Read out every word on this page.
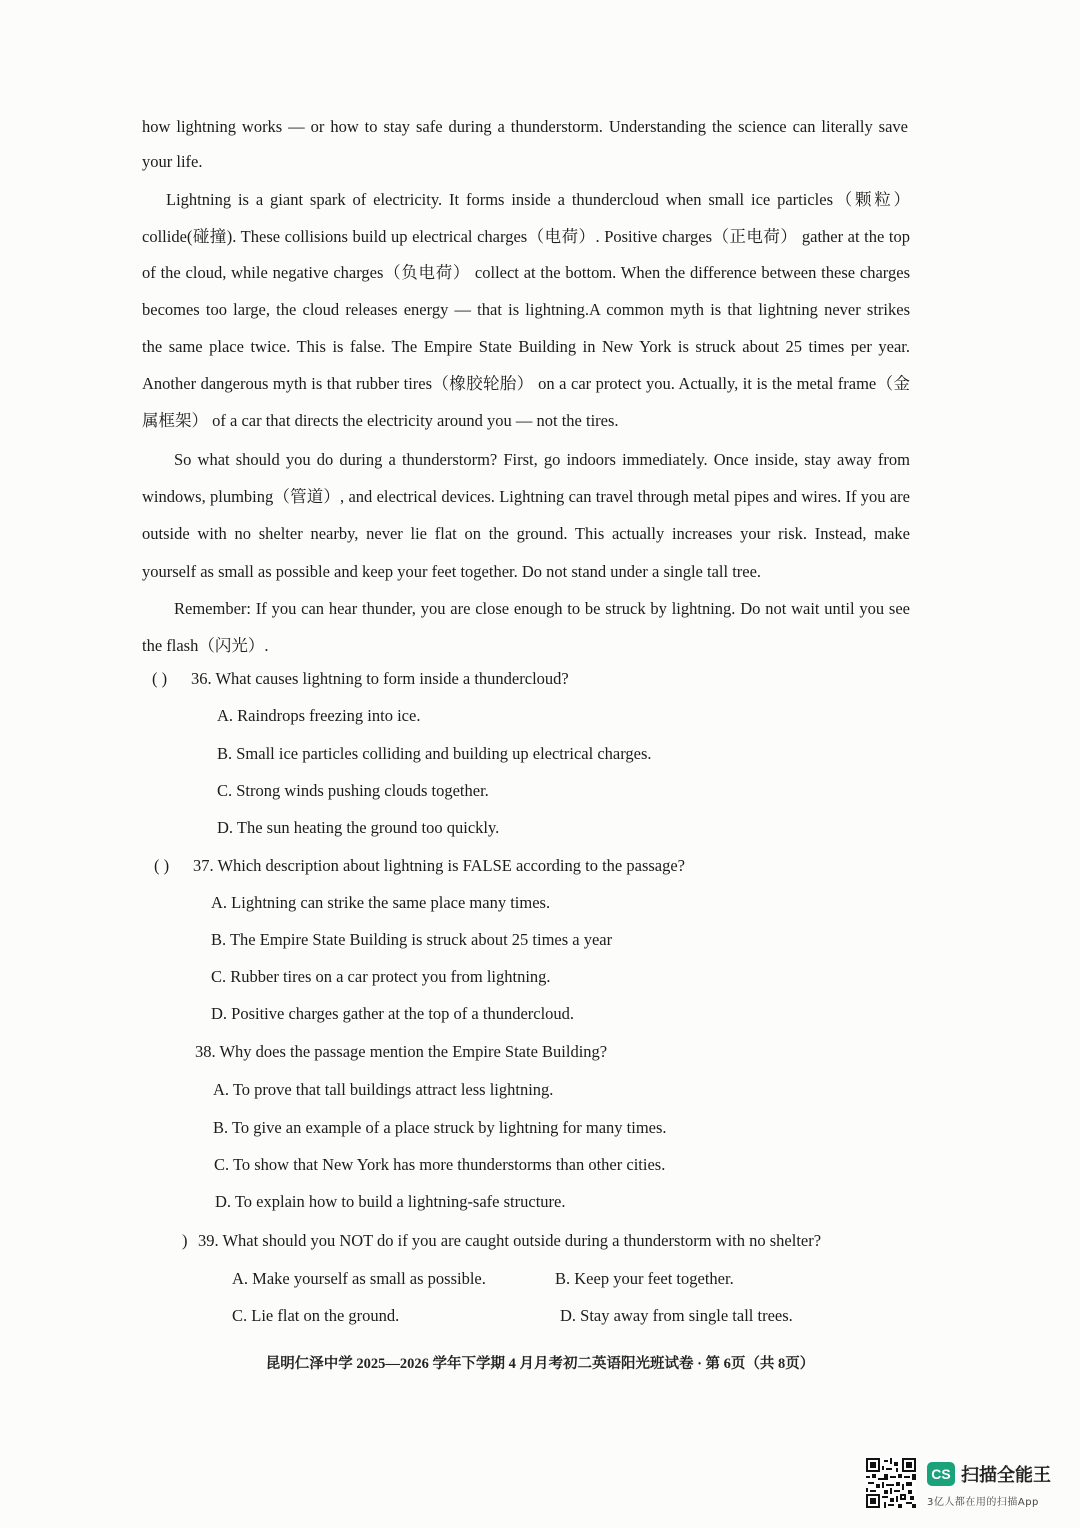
how lightning works — or how to stay safe during a thunderstorm. Understanding the science can literally save
your life.
Lightning is a giant spark of electricity. It forms inside a thundercloud when small ice particles（颗粒）
collide(碰撞). These collisions build up electrical charges（电荷）. Positive charges（正电荷） gather at the top
of the cloud, while negative charges（负电荷） collect at the bottom. When the difference between these charges
becomes too large, the cloud releases energy — that is lightning.A common myth is that lightning never strikes
the same place twice. This is false. The Empire State Building in New York is struck about 25 times per year.
Another dangerous myth is that rubber tires（橡胶轮胎） on a car protect you. Actually, it is the metal frame（金
属框架） of a car that directs the electricity around you — not the tires.
So what should you do during a thunderstorm? First, go indoors immediately. Once inside, stay away from
windows, plumbing（管道）, and electrical devices. Lightning can travel through metal pipes and wires. If you are
outside with no shelter nearby, never lie flat on the ground. This actually increases your risk. Instead, make
yourself as small as possible and keep your feet together. Do not stand under a single tall tree.
Remember: If you can hear thunder, you are close enough to be struck by lightning. Do not wait until you see
the flash（闪光）.
( ) 36. What causes lightning to form inside a thundercloud?
A. Raindrops freezing into ice.
B. Small ice particles colliding and building up electrical charges.
C. Strong winds pushing clouds together.
D. The sun heating the ground too quickly.
( ) 37. Which description about lightning is FALSE according to the passage?
A. Lightning can strike the same place many times.
B. The Empire State Building is struck about 25 times a year
C. Rubber tires on a car protect you from lightning.
D. Positive charges gather at the top of a thundercloud.
38. Why does the passage mention the Empire State Building?
A. To prove that tall buildings attract less lightning.
B. To give an example of a place struck by lightning for many times.
C. To show that New York has more thunderstorms than other cities.
D. To explain how to build a lightning-safe structure.
) 39. What should you NOT do if you are caught outside during a thunderstorm with no shelter?
A. Make yourself as small as possible.	B. Keep your feet together.
C. Lie flat on the ground.	D. Stay away from single tall trees.
昆明仁泽中学 2025—2026 学年下学期 4 月月考初二英语阳光班试卷 · 第 6页（共 8页）
CS 扫描全能王
3亿人都在用的扫描App
